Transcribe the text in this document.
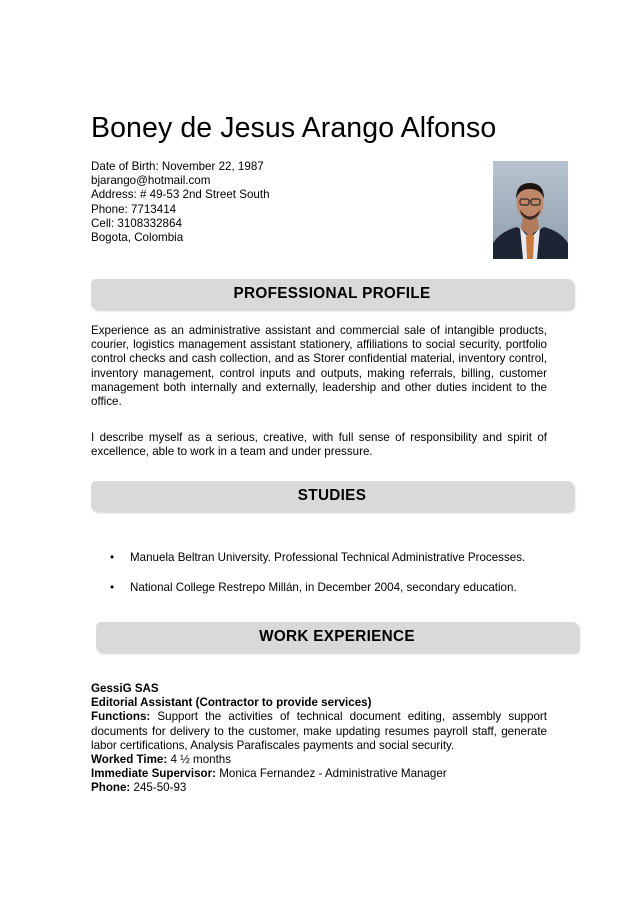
Boney de Jesus Arango Alfonso
Date of Birth: November 22, 1987
bjarango@hotmail.com
Address: # 49-53 2nd Street South
Phone: 7713414
Cell: 3108332864
Bogota, Colombia
PROFESSIONAL PROFILE
Experience as an administrative assistant and commercial sale of intangible products, courier, logistics management assistant stationery, affiliations to social security, portfolio control checks and cash collection, and as Storer confidential material, inventory control, inventory management, control inputs and outputs, making referrals, billing, customer management both internally and externally, leadership and other duties incident to the office.
I describe myself as a serious, creative, with full sense of responsibility and spirit of excellence, able to work in a team and under pressure.
STUDIES
• Manuela Beltran University. Professional Technical Administrative Processes.
• National College Restrepo Millán, in December 2004, secondary education.
WORK EXPERIENCE
GessiG SAS
Editorial Assistant (Contractor to provide services)
Functions: Support the activities of technical document editing, assembly support documents for delivery to the customer, make updating resumes payroll staff, generate labor certifications, Analysis Parafiscales payments and social security.
Worked Time: 4 ½ months
Immediate Supervisor: Monica Fernandez - Administrative Manager
Phone: 245-50-93
